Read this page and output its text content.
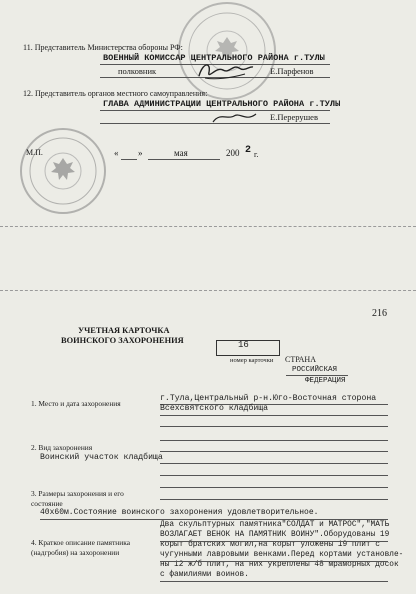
11. Представитель Министерства обороны РФ:
ВОЕННЫЙ КОМИССАР ЦЕНТРАЛЬНОГО РАЙОНА г.ТУЛЫ
полковник	Е.Парфенов
12. Представитель органов местного самоуправления:
ГЛАВА АДМИНИСТРАЦИИ ЦЕНТРАЛЬНОГО РАЙОНА г.ТУЛЫ
Е.Перерушев
М.П.	« »	мая	200 2 г.
216
УЧЕТНАЯ КАРТОЧКА
ВОИНСКОГО ЗАХОРОНЕНИЯ	16
номер карточки СТРАНА
РОССИЙСКАЯ
ФЕДЕРАЦИЯ
1. Место и дата захоронения
г.Тула,Центральный р-н.Юго-Восточная сторона
Всехсвятского кладбища
2. Вид захоронения
Воинский участок кладбища
3. Размеры захоронения и его
состояние
40х60м.Состояние воинского захоронения удовлетворительное.
4. Краткое описание памятника
(надгробия) на захоронении
Два скульптурных памятника"СОЛДАТ и МАТРОС","МАТЬ
ВОЗЛАГАЕТ ВЕНОК НА ПАМЯТНИК ВОИНУ".Оборудованы 19
корыт братских могил,на корыт уложены 19 плит с
чугунными лавровыми венками.Перед кортами установле-
ны 12 ж/б плит, на них укреплены 48 мраморных досок
с фамилиями воинов.
